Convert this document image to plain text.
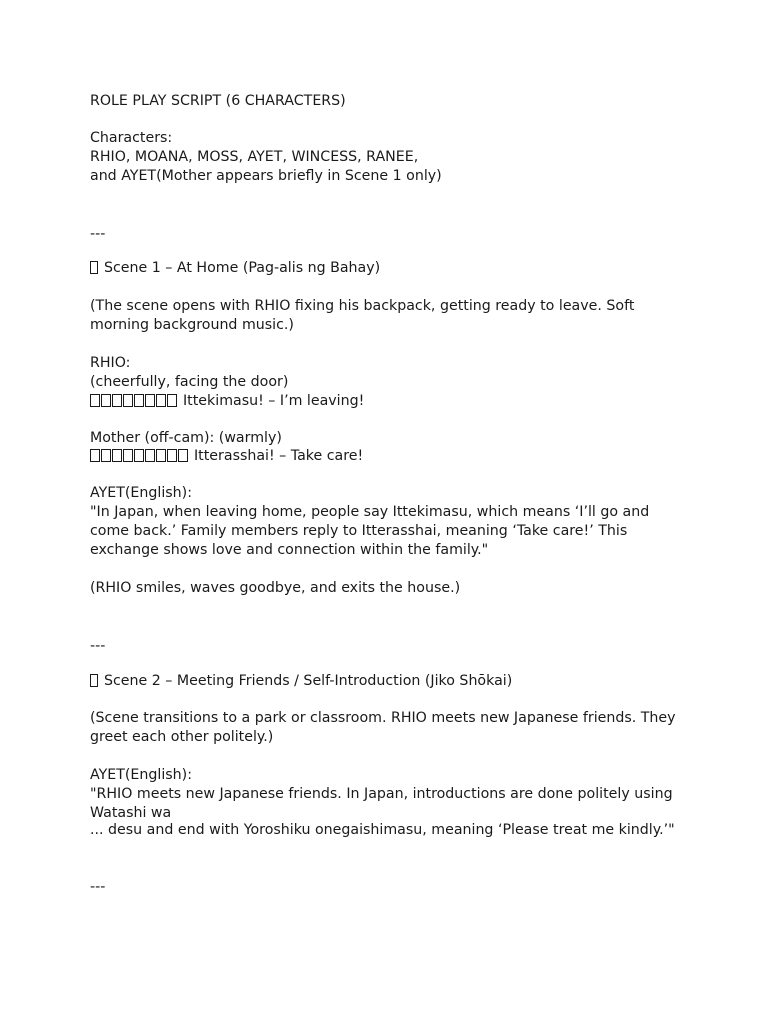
ROLE PLAY SCRIPT (6 CHARACTERS)
Characters:
RHIO, MOANA, MOSS, AYET, WINCESS, RANEE,
and AYET(Mother appears briefly in Scene 1 only)
---
Scene 1 – At Home (Pag-alis ng Bahay)
(The scene opens with RHIO fixing his backpack, getting ready to leave. Soft morning background music.)
RHIO:
(cheerfully, facing the door)
Ittekimasu! – I’m leaving!
Mother (off-cam): (warmly)
Itterasshai! – Take care!
AYET(English):
"In Japan, when leaving home, people say Ittekimasu, which means ‘I’ll go and come back.’ Family members reply to Itterasshai, meaning ‘Take care!’ This exchange shows love and connection within the family."
(RHIO smiles, waves goodbye, and exits the house.)
---
Scene 2 – Meeting Friends / Self-Introduction (Jiko Shōkai)
(Scene transitions to a park or classroom. RHIO meets new Japanese friends. They greet each other politely.)
AYET(English):
"RHIO meets new Japanese friends. In Japan, introductions are done politely using Watashi wa
... desu and end with Yoroshiku onegaishimasu, meaning ‘Please treat me kindly.’"
---
